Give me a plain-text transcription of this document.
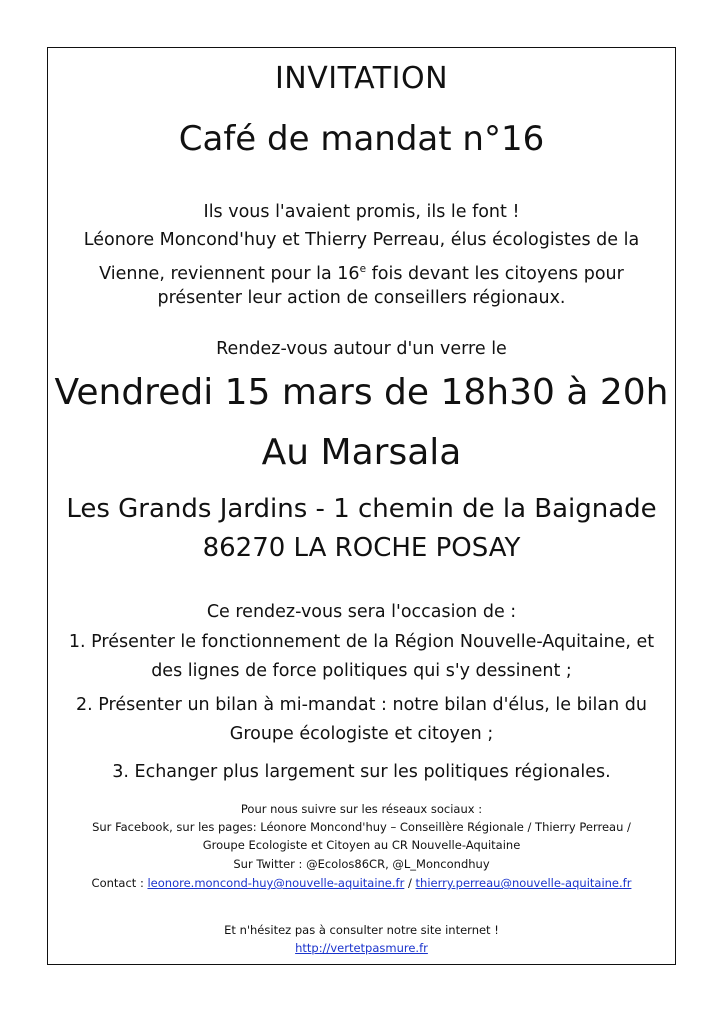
INVITATION
Café de mandat n°16

Ils vous l'avaient promis, ils le font !

Léonore Moncond'huy et Thierry Perreau, élus écologistes de la

Vienne, reviennent pour la 16e fois devant les citoyens pour

présenter leur action de conseillers régionaux.

Rendez-vous autour d'un verre le

Vendredi 15 mars de 18h30 à 20h

Au Marsala

Les Grands Jardins - 1 chemin de la Baignade

86270 LA ROCHE POSAY

Ce rendez-vous sera l'occasion de :

1. Présenter le fonctionnement de la Région Nouvelle-Aquitaine, et

des lignes de force politiques qui s'y dessinent ;

2. Présenter un bilan à mi-mandat : notre bilan d'élus, le bilan du

Groupe écologiste et citoyen ;

3. Echanger plus largement sur les politiques régionales.

Pour nous suivre sur les réseaux sociaux :

Sur Facebook, sur les pages: Léonore Moncond'huy – Conseillère Régionale / Thierry Perreau /

Groupe Ecologiste et Citoyen au CR Nouvelle-Aquitaine

Sur Twitter : @Ecolos86CR, @L_Moncondhuy

Contact : leonore.moncond-huy@nouvelle-aquitaine.fr / thierry.perreau@nouvelle-aquitaine.fr

Et n'hésitez pas à consulter notre site internet !

http://vertetpasmure.fr
